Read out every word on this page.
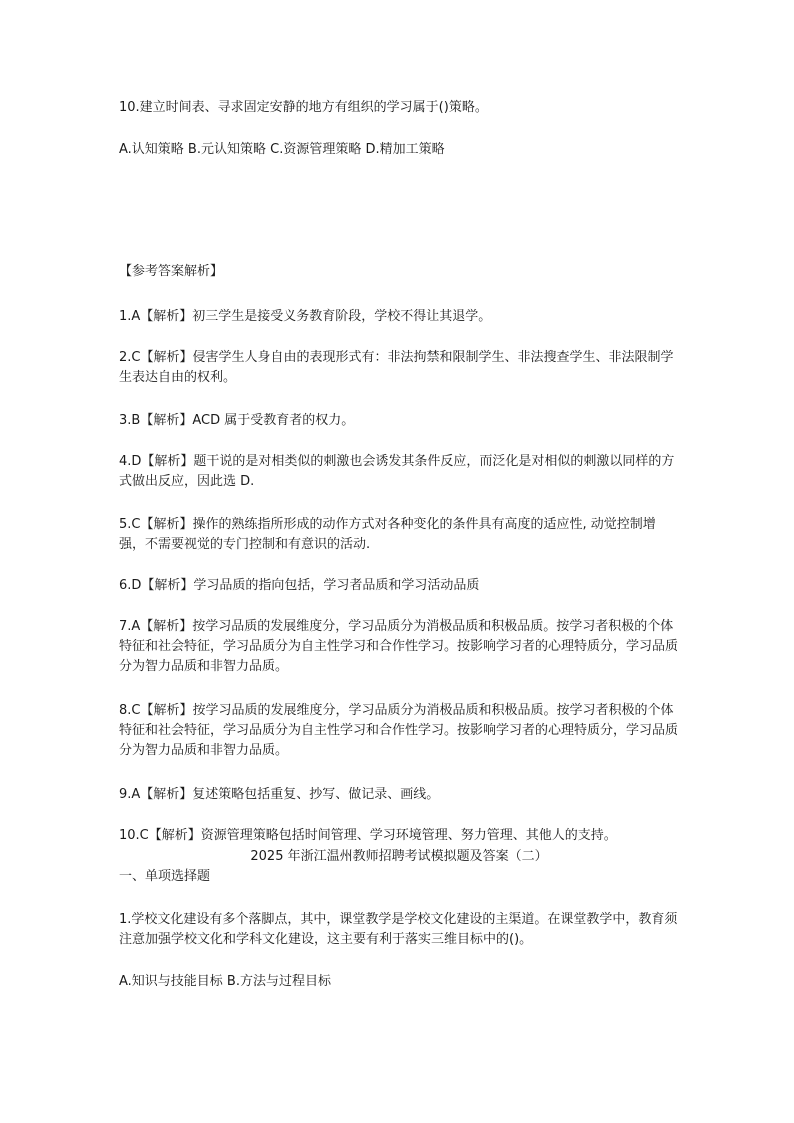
10.建立时间表、寻求固定安静的地方有组织的学习属于()策略。
A.认知策略 B.元认知策略 C.资源管理策略 D.精加工策略
【参考答案解析】
1.A【解析】初三学生是接受义务教育阶段，学校不得让其退学。
2.C【解析】侵害学生人身自由的表现形式有：非法拘禁和限制学生、非法搜查学生、非法限制学生表达自由的权利。
3.B【解析】ACD 属于受教育者的权力。
4.D【解析】题干说的是对相类似的刺激也会诱发其条件反应，而泛化是对相似的刺激以同样的方式做出反应，因此选 D.
5.C【解析】操作的熟练指所形成的动作方式对各种变化的条件具有高度的适应性, 动觉控制增强，不需要视觉的专门控制和有意识的活动.
6.D【解析】学习品质的指向包括，学习者品质和学习活动品质
7.A【解析】按学习品质的发展维度分，学习品质分为消极品质和积极品质。按学习者积极的个体特征和社会特征，学习品质分为自主性学习和合作性学习。按影响学习者的心理特质分，学习品质分为智力品质和非智力品质。
8.C【解析】按学习品质的发展维度分，学习品质分为消极品质和积极品质。按学习者积极的个体特征和社会特征，学习品质分为自主性学习和合作性学习。按影响学习者的心理特质分，学习品质分为智力品质和非智力品质。
9.A【解析】复述策略包括重复、抄写、做记录、画线。
10.C【解析】资源管理策略包括时间管理、学习环境管理、努力管理、其他人的支持。
2025 年浙江温州教师招聘考试模拟题及答案（二）
一、单项选择题
1.学校文化建设有多个落脚点，其中，课堂教学是学校文化建设的主渠道。在课堂教学中，教育须注意加强学校文化和学科文化建设，这主要有利于落实三维目标中的()。
A.知识与技能目标 B.方法与过程目标
